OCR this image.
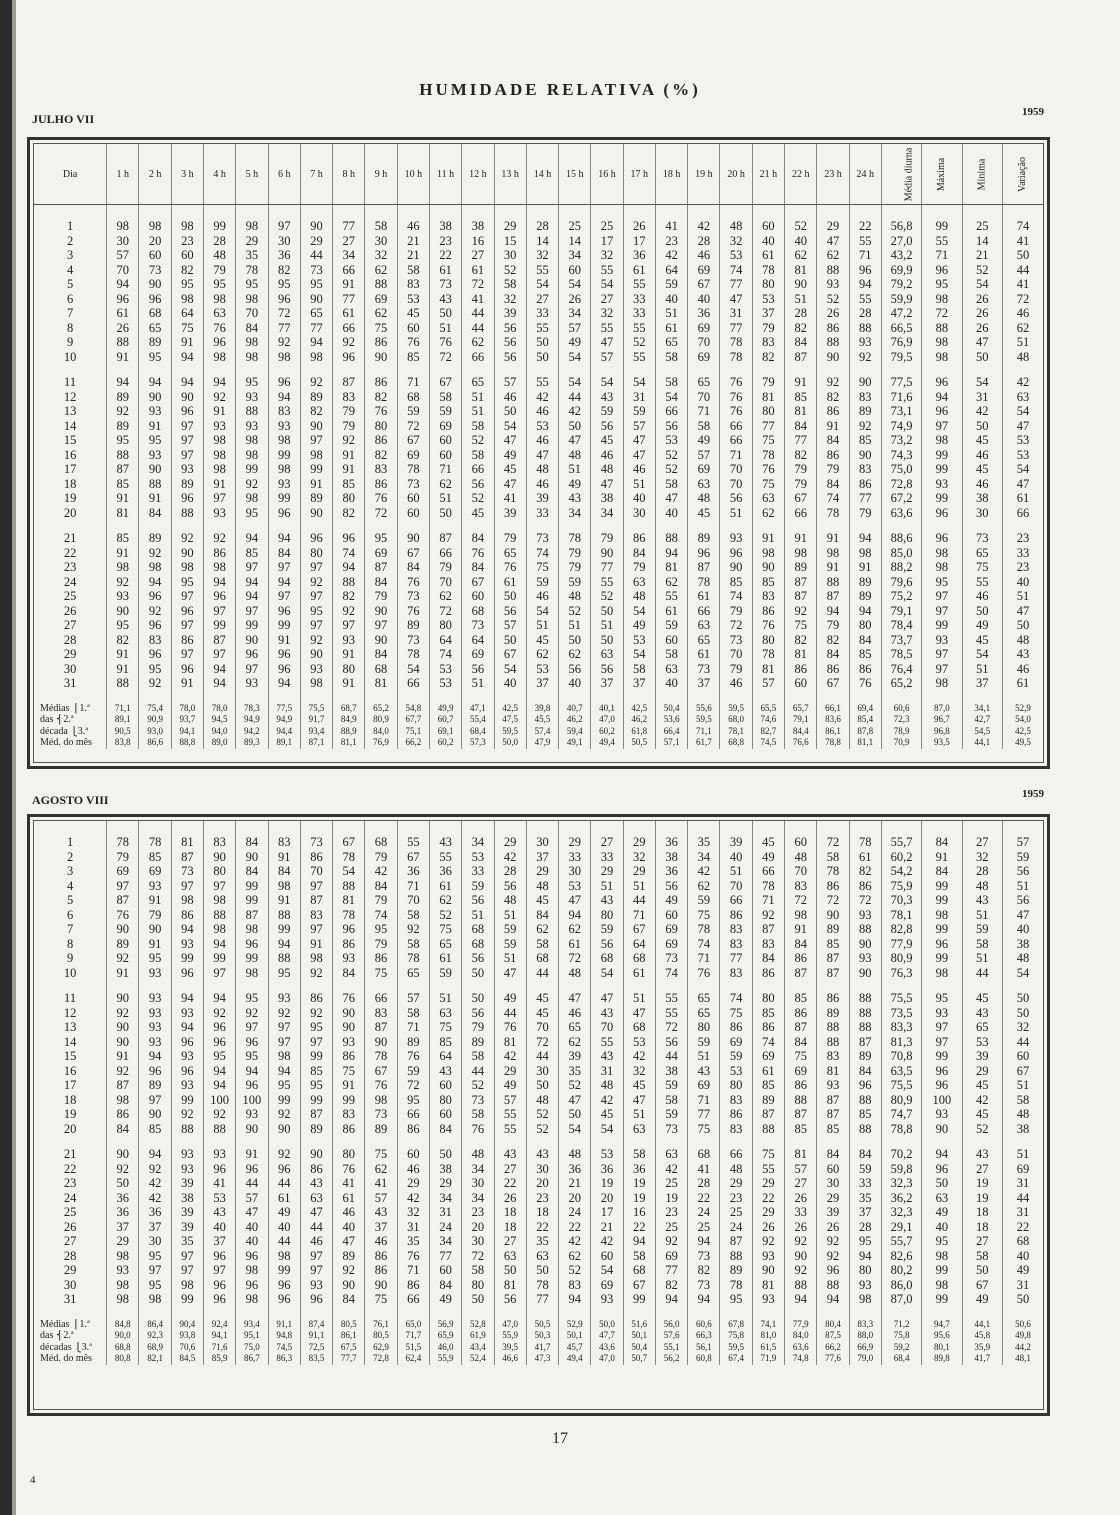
HUMIDADE RELATIVA (%)
JULHO VII	1959
Dia	1 h	2 h	3 h	4 h	5 h	6 h	7 h	8 h	9 h	10 h	11 h	12 h	13 h	14 h	15 h	16 h	17 h	18 h	19 h	20 h	21 h	22 h	23 h	24 h	Média diurna	Máxima	Mínima	Variação

1	98	98	98	99	98	97	90	77	58	46	38	38	29	28	25	25	26	41	42	48	60	52	29	22	56,8	99	25	74
2	30	20	23	28	29	30	29	27	30	21	23	16	15	14	14	17	17	23	28	32	40	40	47	55	27,0	55	14	41
3	57	60	60	48	35	36	44	34	32	21	22	27	30	32	34	32	36	42	46	53	61	62	62	71	43,2	71	21	50
4	70	73	82	79	78	82	73	66	62	58	61	61	52	55	60	55	61	64	69	74	78	81	88	96	69,9	96	52	44
5	94	90	95	95	95	95	95	91	88	83	73	72	58	54	54	54	55	59	67	77	80	90	93	94	79,2	95	54	41
6	96	96	98	98	98	96	90	77	69	53	43	41	32	27	26	27	33	40	40	47	53	51	52	55	59,9	98	26	72
7	61	68	64	63	70	72	65	61	62	45	50	44	39	33	34	32	33	51	36	31	37	28	26	28	47,2	72	26	46
8	26	65	75	76	84	77	77	66	75	60	51	44	56	55	57	55	55	61	69	77	79	82	86	88	66,5	88	26	62
9	88	89	91	96	98	92	94	92	86	76	76	62	56	50	49	47	52	65	70	78	83	84	88	93	76,9	98	47	51
10	91	95	94	98	98	98	98	96	90	85	72	66	56	50	54	57	55	58	69	78	82	87	90	92	79,5	98	50	48

11	94	94	94	94	95	96	92	87	86	71	67	65	57	55	54	54	54	58	65	76	79	91	92	90	77,5	96	54	42
12	89	90	90	92	93	94	89	83	82	68	58	51	46	42	44	43	31	54	70	76	81	85	82	83	71,6	94	31	63
13	92	93	96	91	88	83	82	79	76	59	59	51	50	46	42	59	59	66	71	76	80	81	86	89	73,1	96	42	54
14	89	91	97	93	93	93	90	79	80	72	69	58	54	53	50	56	57	56	58	66	77	84	91	92	74,9	97	50	47
15	95	95	97	98	98	98	97	92	86	67	60	52	47	46	47	45	47	53	49	66	75	77	84	85	73,2	98	45	53
16	88	93	97	98	98	99	98	91	82	69	60	58	49	47	48	46	47	52	57	71	78	82	86	90	74,3	99	46	53
17	87	90	93	98	99	98	99	91	83	78	71	66	45	48	51	48	46	52	69	70	76	79	79	83	75,0	99	45	54
18	85	88	89	91	92	93	91	85	86	73	62	56	47	46	49	47	51	58	63	70	75	79	84	86	72,8	93	46	47
19	91	91	96	97	98	99	89	80	76	60	51	52	41	39	43	38	40	47	48	56	63	67	74	77	67,2	99	38	61
20	81	84	88	93	95	96	90	82	72	60	50	45	39	33	34	34	30	40	45	51	62	66	78	79	63,6	96	30	66

21	85	89	92	92	94	94	96	96	95	90	87	84	79	73	78	79	86	88	89	93	91	91	91	94	88,6	96	73	23
22	91	92	90	86	85	84	80	74	69	67	66	76	65	74	79	90	84	94	96	96	98	98	98	98	85,0	98	65	33
23	98	98	98	98	97	97	97	94	87	84	79	84	76	75	79	77	79	81	87	90	90	89	91	91	88,2	98	75	23
24	92	94	95	94	94	94	92	88	84	76	70	67	61	59	59	55	63	62	78	85	85	87	88	89	79,6	95	55	40
25	93	96	97	96	94	97	97	82	79	73	62	60	50	46	48	52	48	55	61	74	83	87	87	89	75,2	97	46	51
26	90	92	96	97	97	96	95	92	90	76	72	68	56	54	52	50	54	61	66	79	86	92	94	94	79,1	97	50	47
27	95	96	97	99	99	99	97	97	97	89	80	73	57	51	51	51	49	59	63	72	76	75	79	80	78,4	99	49	50
28	82	83	86	87	90	91	92	93	90	73	64	64	50	45	50	50	53	60	65	73	80	82	82	84	73,7	93	45	48
29	91	96	97	97	96	96	90	91	84	78	74	69	67	62	62	63	54	58	61	70	78	81	84	85	78,5	97	54	43
30	91	95	96	94	97	96	93	80	68	54	53	56	54	53	56	56	58	63	73	79	81	86	86	86	76,4	97	51	46
31	88	92	91	94	93	94	98	91	81	66	53	51	40	37	40	37	37	40	37	46	57	60	67	76	65,2	98	37	61

Médias ⎧1.ª	71,1	75,4	78,0	78,0	78,3	77,5	75,5	68,7	65,2	54,8	49,9	47,1	42,5	39,8	40,7	40,1	42,5	50,4	55,6	59,5	65,5	65,7	66,1	69,4	60,6	87,0	34,1	52,9
das ⎨2.ª	89,1	90,9	93,7	94,5	94,9	94,9	91,7	84,9	80,9	67,7	60,7	55,4	47,5	45,5	46,2	47,0	46,2	53,6	59,5	68,0	74,6	79,1	83,6	85,4	72,3	96,7	42,7	54,0
década ⎩3.ª	90,5	93,0	94,1	94,0	94,2	94,4	93,4	88,9	84,0	75,1	69,1	68,4	59,5	57,4	59,4	60,2	61,8	66,4	71,1	78,1	82,7	84,4	86,1	87,8	78,9	96,8	54,5	42,5
Méd. do mês	83,8	86,6	88,8	89,0	89,3	89,1	87,1	81,1	76,9	66,2	60,2	57,3	50,0	47,9	49,1	49,4	50,5	57,1	61,7	68,8	74,5	76,6	78,8	81,1	70,9	93,5	44,1	49,5
AGOSTO VIII	1959

1	78	78	81	83	84	83	73	67	68	55	43	34	29	30	29	27	29	36	35	39	45	60	72	78	55,7	84	27	57
2	79	85	87	90	90	91	86	78	79	67	55	53	42	37	33	33	32	38	34	40	49	48	58	61	60,2	91	32	59
3	69	69	73	80	84	84	70	54	42	36	36	33	28	29	30	29	29	36	42	51	66	70	78	82	54,2	84	28	56
4	97	93	97	97	99	98	97	88	84	71	61	59	56	48	53	51	51	56	62	70	78	83	86	86	75,9	99	48	51
5	87	91	98	98	99	91	87	81	79	70	62	56	48	45	47	43	44	49	59	66	71	72	72	72	70,3	99	43	56
6	76	79	86	88	87	88	83	78	74	58	52	51	51	84	94	80	71	60	75	86	92	98	90	93	78,1	98	51	47
7	90	90	94	98	98	99	97	96	95	92	75	68	59	62	62	59	67	69	78	83	87	91	89	88	82,8	99	59	40
8	89	91	93	94	96	94	91	86	79	58	65	68	59	58	61	56	64	69	74	83	83	84	85	90	77,9	96	58	38
9	92	95	99	99	99	88	98	93	86	78	61	56	51	68	72	68	68	73	71	77	84	86	87	93	80,9	99	51	48
10	91	93	96	97	98	95	92	84	75	65	59	50	47	44	48	54	61	74	76	83	86	87	87	90	76,3	98	44	54

11	90	93	94	94	95	93	86	76	66	57	51	50	49	45	47	47	51	55	65	74	80	85	86	88	75,5	95	45	50
12	92	93	93	92	92	92	92	90	83	58	63	56	44	45	46	43	47	55	65	75	85	86	89	88	73,5	93	43	50
13	90	93	94	96	97	97	95	90	87	71	75	79	76	70	65	70	68	72	80	86	86	87	88	88	83,3	97	65	32
14	90	93	96	96	96	97	97	93	90	89	85	89	81	72	62	55	53	56	59	69	74	84	88	87	81,3	97	53	44
15	91	94	93	95	95	98	99	86	78	76	64	58	42	44	39	43	42	44	51	59	69	75	83	89	70,8	99	39	60
16	92	96	96	94	94	94	85	75	67	59	43	44	29	30	35	31	32	38	43	53	61	69	81	84	63,5	96	29	67
17	87	89	93	94	96	95	95	91	76	72	60	52	49	50	52	48	45	59	69	80	85	86	93	96	75,5	96	45	51
18	98	97	99	100	100	99	99	99	98	95	80	73	57	48	47	42	47	58	71	83	89	88	87	88	80,9	100	42	58
19	86	90	92	92	93	92	87	83	73	66	60	58	55	52	50	45	51	59	77	86	87	87	87	85	74,7	93	45	48
20	84	85	88	88	90	90	89	86	89	86	84	76	55	52	54	54	63	73	75	83	88	85	85	88	78,8	90	52	38

21	90	94	93	93	91	92	90	80	75	60	50	48	43	43	48	53	58	63	68	66	75	81	84	84	70,2	94	43	51
22	92	92	93	96	96	96	86	76	62	46	38	34	27	30	36	36	36	42	41	48	55	57	60	59	59,8	96	27	69
23	50	42	39	41	44	44	43	41	41	29	29	30	22	20	21	19	19	25	28	29	29	27	30	33	32,3	50	19	31
24	36	42	38	53	57	61	63	61	57	42	34	34	26	23	20	20	19	19	22	23	22	26	29	35	36,2	63	19	44
25	36	36	39	43	47	49	47	46	43	32	31	23	18	18	24	17	16	23	24	25	29	33	39	37	32,3	49	18	31
26	37	37	39	40	40	40	44	40	37	31	24	20	18	22	22	21	22	25	25	24	26	26	26	28	29,1	40	18	22
27	29	30	35	37	40	44	46	47	46	35	34	30	27	35	42	42	94	92	94	87	92	92	92	95	55,7	95	27	68
28	98	95	97	96	96	98	97	89	86	76	77	72	63	63	62	60	58	69	73	88	93	90	92	94	82,6	98	58	40
29	93	97	97	97	98	99	97	92	86	71	60	58	50	50	52	54	68	77	82	89	90	92	96	80	80,2	99	50	49
30	98	95	98	96	96	96	93	90	90	86	84	80	81	78	83	69	67	82	73	78	81	88	88	93	86,0	98	67	31
31	98	98	99	96	98	96	96	84	75	66	49	50	56	77	94	93	99	94	94	95	93	94	94	98	87,0	99	49	50

Médias ⎧1.ª	84,8	86,4	90,4	92,4	93,4	91,1	87,4	80,5	76,1	65,0	56,9	52,8	47,0	50,5	52,9	50,0	51,6	56,0	60,6	67,8	74,1	77,9	80,4	83,3	71,2	94,7	44,1	50,6
das ⎨2.ª	90,0	92,3	93,8	94,1	95,1	94,8	91,1	86,1	80,5	71,7	65,9	61,9	55,9	50,3	50,1	47,7	50,1	57,6	66,3	75,8	81,0	84,0	87,5	88,0	75,8	95,6	45,8	49,8
décadas ⎩3.ª	68,8	68,9	70,6	71,6	75,0	74,5	72,5	67,5	62,9	51,5	46,0	43,4	39,5	41,7	45,7	43,6	50,4	55,1	56,1	59,5	61,5	63,6	66,2	66,9	59,2	80,1	35,9	44,2
Méd. do mês	80,8	82,1	84,5	85,9	86,7	86,3	83,5	77,7	72,8	62,4	55,9	52,4	46,6	47,3	49,4	47,0	50,7	56,2	60,8	67,4	71,9	74,8	77,6	79,0	68,4	89,8	41,7	48,1
17
4
